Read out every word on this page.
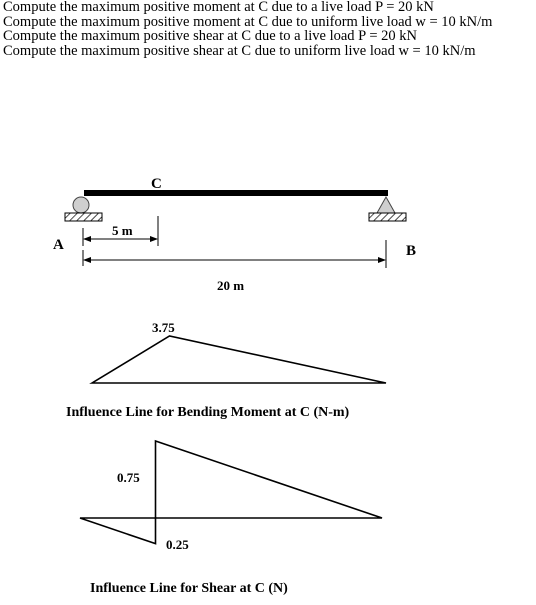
Compute the maximum positive moment at C due to a live load P = 20 kN
Compute the maximum positive moment at C due to uniform live load w = 10 kN/m
Compute the maximum positive shear at C due to a live load P = 20 kN
Compute the maximum positive shear at C due to uniform live load w = 10 kN/m
A	B
C
5 m
20 m
3.75
Influence Line for Bending Moment at C (N-m)
0.75
0.25
Influence Line for Shear at C (N)
